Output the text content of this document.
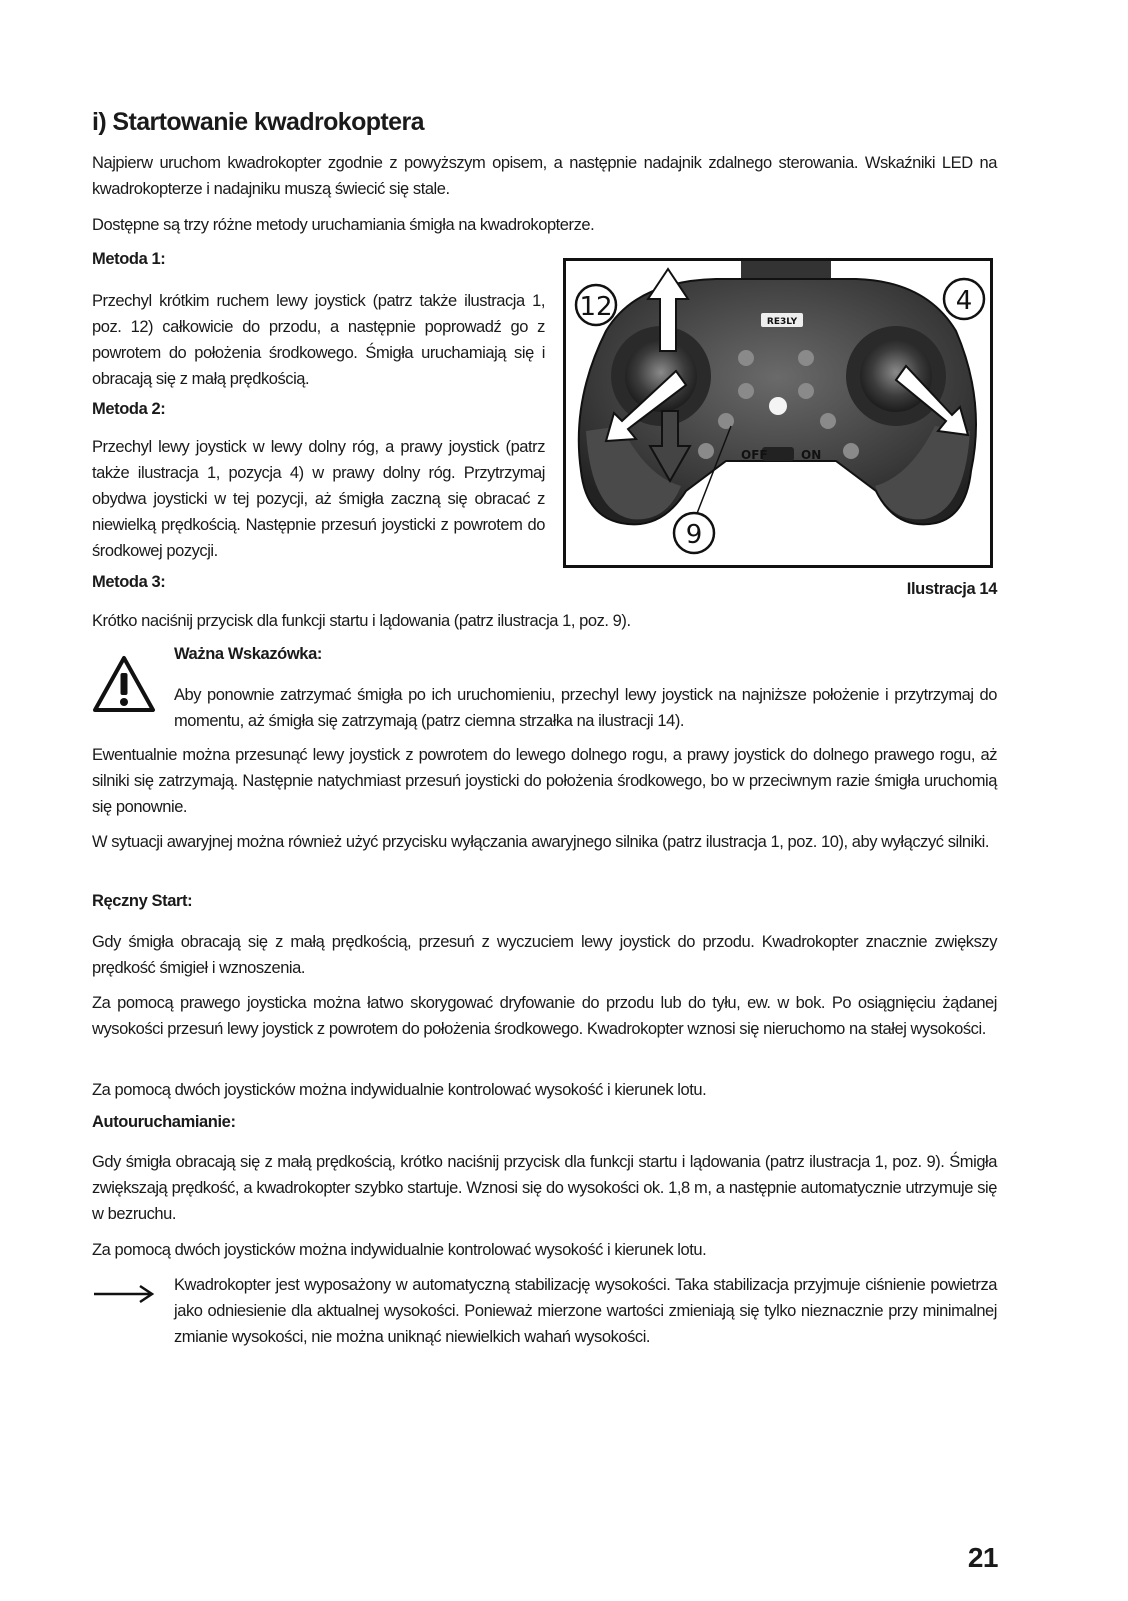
i) Startowanie kwadrokoptera

Najpierw uruchom kwadrokopter zgodnie z powyższym opisem, a następnie nadajnik zdalnego sterowania. Wskaźniki LED na kwadrokopterze i nadajniku muszą świecić się stale.

Dostępne są trzy różne metody uruchamiania śmigła na kwadrokopterze.

Metoda 1:

Przechyl krótkim ruchem lewy joystick (patrz także ilustracja 1, poz. 12) całkowicie do przodu, a następnie poprowadź go z powrotem do położenia środkowego. Śmigła uruchamiają się i obracają się z małą prędkością.

Metoda 2:

Przechyl lewy joystick w lewy dolny róg, a prawy joystick (patrz także ilustracja 1, pozycja 4) w prawy dolny róg. Przytrzymaj obydwa joysticki w tej pozycji, aż śmigła zaczną się obracać z niewielką prędkością. Następnie przesuń joysticki z powrotem do środkowej pozycji.

Metoda 3:

Krótko naciśnij przycisk dla funkcji startu i lądowania (patrz ilustracja 1, poz. 9).

RE3LY
OFF	ON
12	4
9
Ilustracja 14

Ważna Wskazówka:

Aby ponownie zatrzymać śmigła po ich uruchomieniu, przechyl lewy joystick na najniższe położenie i przytrzymaj do momentu, aż śmigła się zatrzymają (patrz ciemna strzałka na ilustracji 14).

Ewentualnie można przesunąć lewy joystick z powrotem do lewego dolnego rogu, a prawy joystick do dolnego prawego rogu, aż silniki się zatrzymają. Następnie natychmiast przesuń joysticki do położenia środkowego, bo w przeciwnym razie śmigła uruchomią się ponownie.

W sytuacji awaryjnej można również użyć przycisku wyłączania awaryjnego silnika (patrz ilustracja 1, poz. 10), aby wyłączyć silniki.

Ręczny Start:

Gdy śmigła obracają się z małą prędkością, przesuń z wyczuciem lewy joystick do przodu. Kwadrokopter znacznie zwiększy prędkość śmigieł i wznoszenia.

Za pomocą prawego joysticka można łatwo skorygować dryfowanie do przodu lub do tyłu, ew. w bok. Po osiągnięciu żądanej wysokości przesuń lewy joystick z powrotem do położenia środkowego. Kwadrokopter wznosi się nieruchomo na stałej wysokości.

Za pomocą dwóch joysticków można indywidualnie kontrolować wysokość i kierunek lotu.

Autouruchamianie:

Gdy śmigła obracają się z małą prędkością, krótko naciśnij przycisk dla funkcji startu i lądowania (patrz ilustracja 1, poz. 9). Śmigła zwiększają prędkość, a kwadrokopter szybko startuje. Wznosi się do wysokości ok. 1,8 m, a następnie automatycznie utrzymuje się w bezruchu.

Za pomocą dwóch joysticków można indywidualnie kontrolować wysokość i kierunek lotu.

Kwadrokopter jest wyposażony w automatyczną stabilizację wysokości. Taka stabilizacja przyjmuje ciśnienie powietrza jako odniesienie dla aktualnej wysokości. Ponieważ mierzone wartości zmieniają się tylko nieznacznie przy minimalnej zmianie wysokości, nie można uniknąć niewielkich wahań wysokości.

21
